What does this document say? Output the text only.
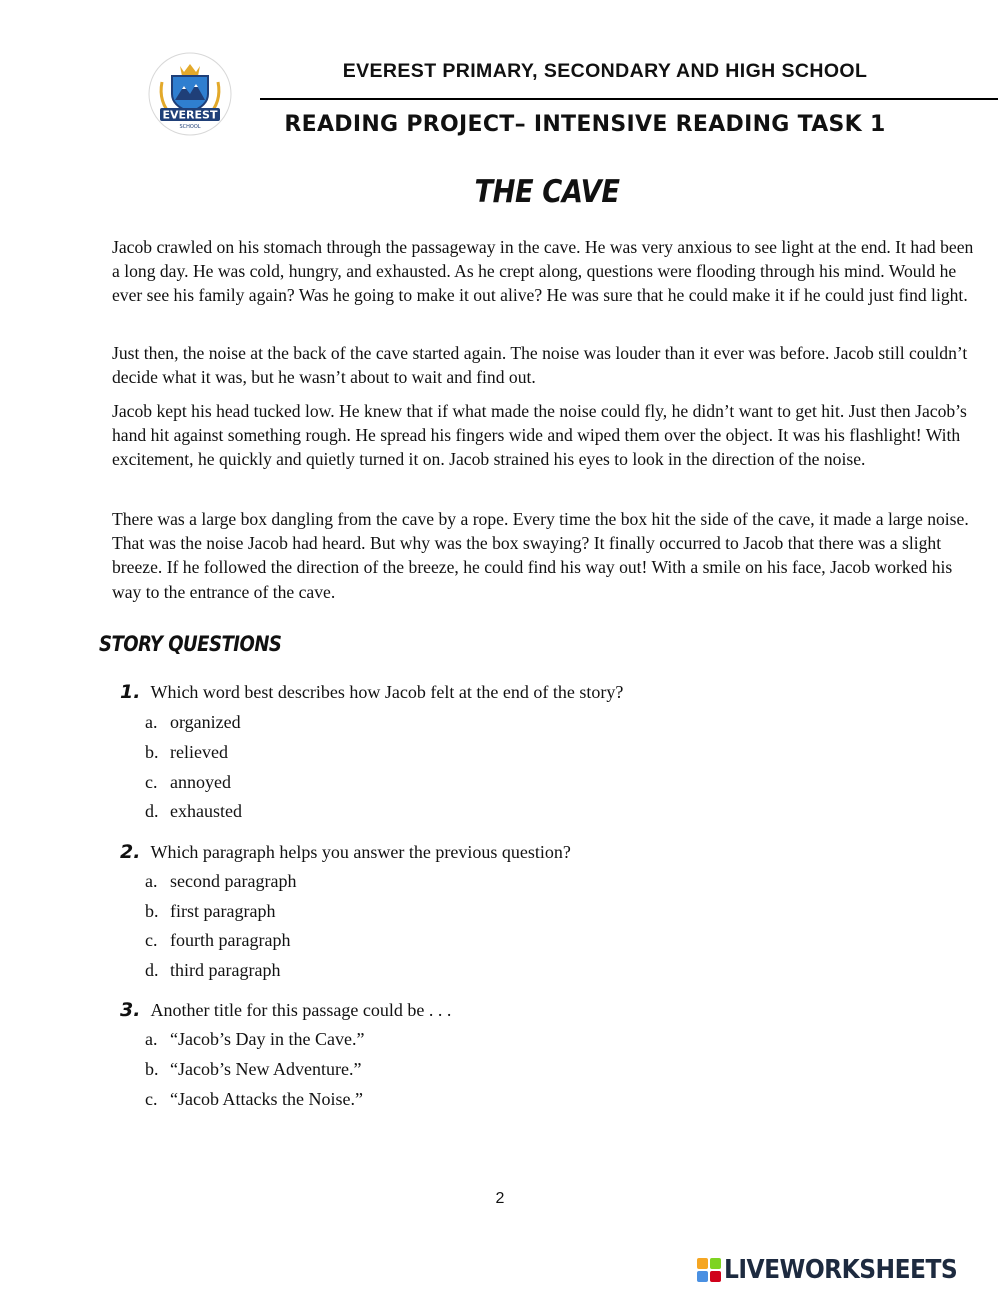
EVEREST
SCHOOL
EVEREST PRIMARY, SECONDARY AND HIGH SCHOOL
READING PROJECT– INTENSIVE READING TASK 1
THE CAVE

Jacob crawled on his stomach through the passageway in the cave. He was very anxious to see light at the end. It had been a long day. He was cold, hungry, and exhausted. As he crept along, questions were flooding through his mind. Would he ever see his family again? Was he going to make it out alive? He was sure that he could make it if he could just find light.

Just then, the noise at the back of the cave started again. The noise was louder than it ever was before. Jacob still couldn’t decide what it was, but he wasn’t about to wait and find out.

Jacob kept his head tucked low. He knew that if what made the noise could fly, he didn’t want to get hit. Just then Jacob’s hand hit against something rough. He spread his fingers wide and wiped them over the object. It was his flashlight! With excitement, he quickly and quietly turned it on. Jacob strained his eyes to look in the direction of the noise.

There was a large box dangling from the cave by a rope. Every time the box hit the side of the cave, it made a large noise. That was the noise Jacob had heard. But why was the box swaying? It finally occurred to Jacob that there was a slight breeze. If he followed the direction of the breeze, he could find his way out! With a smile on his face, Jacob worked his way to the entrance of the cave.

STORY QUESTIONS
1. Which word best describes how Jacob felt at the end of the story?
a. organized
b. relieved
c. annoyed
d. exhausted
2. Which paragraph helps you answer the previous question?
a. second paragraph
b. first paragraph
c. fourth paragraph
d. third paragraph
3. Another title for this passage could be . . .
a. “Jacob’s Day in the Cave.”
b. “Jacob’s New Adventure.”
c. “Jacob Attacks the Noise.”
2
LIVEWORKSHEETS
